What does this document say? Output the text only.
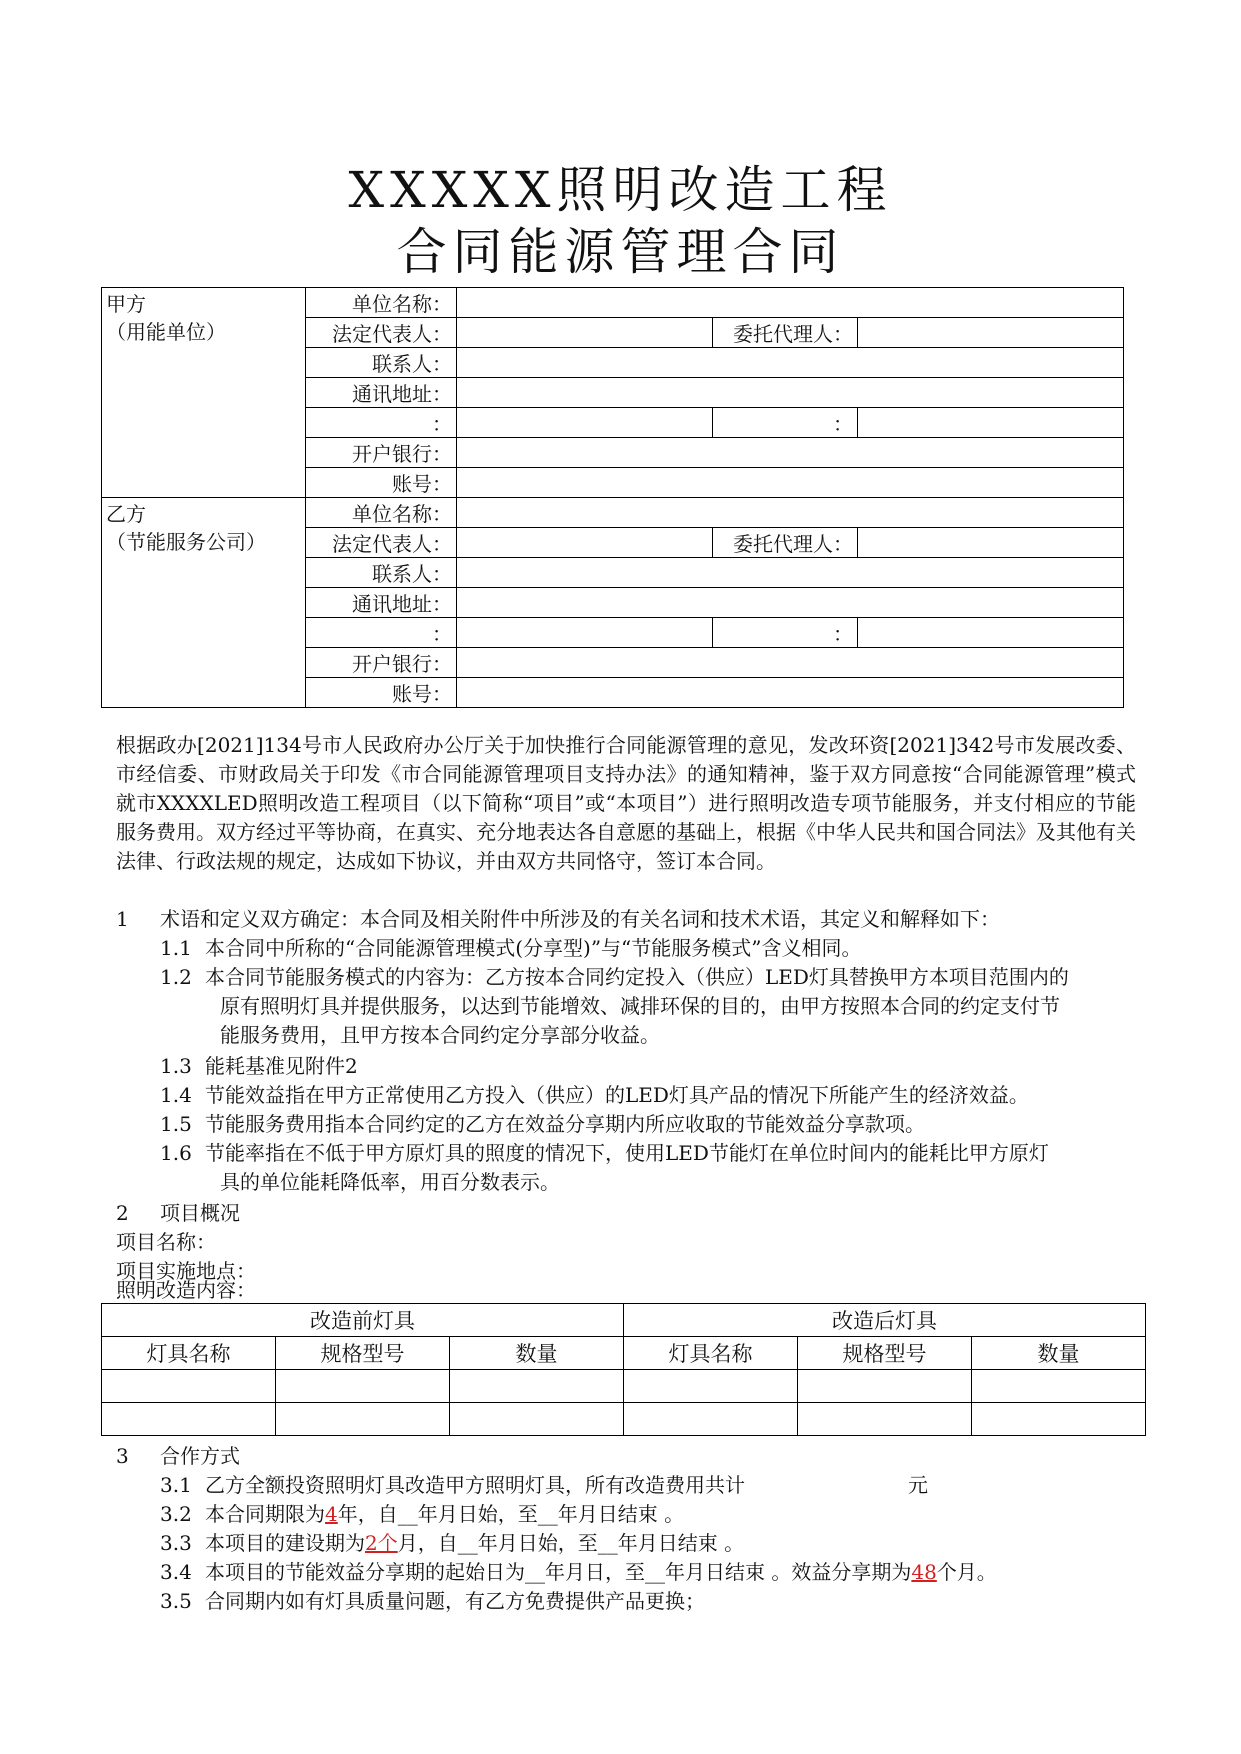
XXXXX照明改造工程
合同能源管理合同
甲方
（用能单位）	单位名称：			
	法定代表人：		委托代理人：	
	联系人：			
	通讯地址：			
	：		：	
	开户银行：			
	账号：			

乙方
（节能服务公司）	单位名称：			
	法定代表人：		委托代理人：	
	联系人：			
	通讯地址：			
	：		：	
	开户银行：			
	账号：			
根据政办[2021]134号市人民政府办公厅关于加快推行合同能源管理的意见，发改环资[2021]342号市发展改委、市经信委、市财政局关于印发《市合同能源管理项目支持办法》的通知精神，鉴于双方同意按“合同能源管理”模式就市XXXXLED照明改造工程项目（以下简称“项目”或“本项目”）进行照明改造专项节能服务，并支付相应的节能服务费用。双方经过平等协商，在真实、充分地表达各自意愿的基础上，根据《中华人民共和国合同法》及其他有关法律、行政法规的规定，达成如下协议，并由双方共同恪守，签订本合同。
1 术语和定义双方确定：本合同及相关附件中所涉及的有关名词和技术术语，其定义和解释如下：
1.1 本合同中所称的“合同能源管理模式(分享型)”与“节能服务模式”含义相同。
1.2 本合同节能服务模式的内容为：乙方按本合同约定投入（供应）LED灯具替换甲方本项目范围内的
原有照明灯具并提供服务，以达到节能增效、减排环保的目的，由甲方按照本合同的约定支付节
能服务费用，且甲方按本合同约定分享部分收益。
1.3 能耗基准见附件2
1.4 节能效益指在甲方正常使用乙方投入（供应）的LED灯具产品的情况下所能产生的经济效益。
1.5 节能服务费用指本合同约定的乙方在效益分享期内所应收取的节能效益分享款项。
1.6 节能率指在不低于甲方原灯具的照度的情况下，使用LED节能灯在单位时间内的能耗比甲方原灯
具的单位能耗降低率，用百分数表示。
2 项目概况
项目名称：
项目实施地点：
照明改造内容：
改造前灯具			改造后灯具		
灯具名称	规格型号	数量	灯具名称	规格型号	数量

3 合作方式
3.1 乙方全额投资照明灯具改造甲方照明灯具，所有改造费用共计	元
3.2 本合同期限为4年，自__年月日始，至__年月日结束 。
3.3 本项目的建设期为2个月，自__年月日始，至__年月日结束 。
3.4 本项目的节能效益分享期的起始日为__年月日，至__年月日结束 。效益分享期为48个月。
3.5 合同期内如有灯具质量问题，有乙方免费提供产品更换；
